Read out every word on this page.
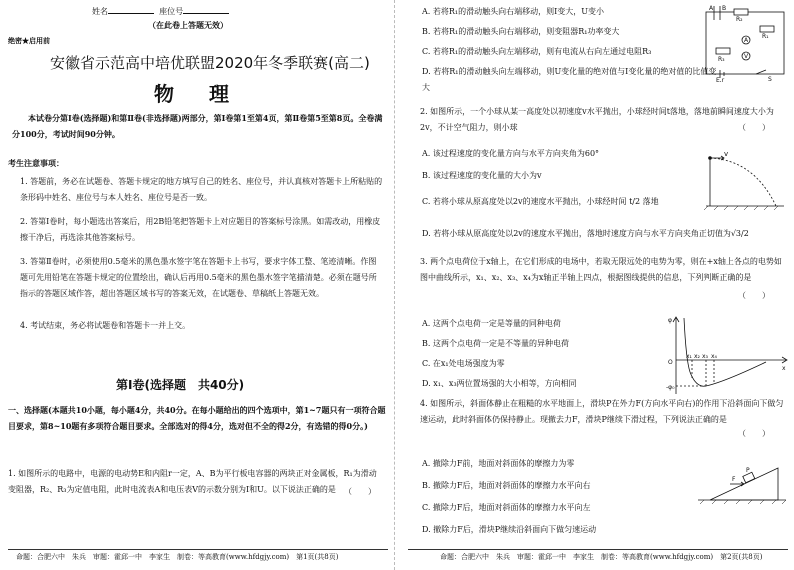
姓名	座位号
（在此卷上答题无效）
绝密★启用前
安徽省示范高中培优联盟2020年冬季联赛(高二)
物 理
本试卷分第Ⅰ卷(选择题)和第Ⅱ卷(非选择题)两部分，第Ⅰ卷第1至第4页，第Ⅱ卷第5至第8页。全卷满分100分，考试时间90分钟。
考生注意事项：
1. 答题前，务必在试题卷、答题卡规定的地方填写自己的姓名、座位号，并认真核对答题卡上所粘贴的条形码中姓名、座位号与本人姓名、座位号是否一致。
2. 答第Ⅰ卷时，每小题选出答案后，用2B铅笔把答题卡上对应题目的答案标号涂黑。如需改动，用橡皮擦干净后，再选涂其他答案标号。
3. 答第Ⅱ卷时，必须使用0.5毫米的黑色墨水签字笔在答题卡上书写，要求字体工整、笔迹清晰。作图题可先用铅笔在答题卡规定的位置绘出，确认后再用0.5毫米的黑色墨水签字笔描清楚。必须在题号所指示的答题区域作答，超出答题区域书写的答案无效，在试题卷、草稿纸上答题无效。
4. 考试结束，务必将试题卷和答题卡一并上交。
第Ⅰ卷(选择题　共40分)
一、选择题(本题共10小题，每小题4分，共40分。在每小题给出的四个选项中，第1~7题只有一项符合题目要求，第8~10题有多项符合题目要求。全部选对的得4分，选对但不全的得2分，有选错的得0分。)
1. 如图所示的电路中，电源的电动势E和内阻r一定，A、B为平行板电容器的两块正对金属板，R₁为滑动变阻器，R₂、R₃为定值电阻，此时电流表A和电压表V的示数分别为I和U。以下说法正确的是	（　　）
命题：合肥六中　朱兵　审题：霍邱一中　李家生　制卷：等高教育(www.hfdgjy.com)　第1页(共8页)
A. 若将R₁的滑动触头向右端移动，则I变大，U变小
B. 若将R₁的滑动触头向右端移动，则变阻器R₁功率变大
C. 若将R₁的滑动触头向左端移动，则有电流从右向左通过电阻R₃
D. 若将R₁的滑动触头向左端移动，则U变化量的绝对值与I变化量的绝对值的比值变大
A B
R₂
R₁
R₃
A
V
E,r	S
2. 如图所示，一个小球从某一高度处以初速度v水平抛出，小球经时间t落地，落地前瞬间速度大小为2v，不计空气阻力，则小球	（　　）
A. 该过程速度的变化量方向与水平方向夹角为60°
B. 该过程速度的变化量的大小为v
C. 若将小球从原高度处以2v的速度水平抛出，小球经时间 t/2 落地
D. 若将小球从原高度处以2v的速度水平抛出，落地时速度方向与水平方向夹角正切值为√3/2
v
3. 两个点电荷位于x轴上，在它们形成的电场中，若取无限远处的电势为零，则在+x轴上各点的电势如图中曲线所示，x₁、x₂、x₃、x₄为x轴正半轴上四点，根据图线提供的信息，下列判断正确的是
（　　）
A. 这两个点电荷一定是等量的同种电荷
B. 这两个点电荷一定是不等量的异种电荷
C. 在x₁处电场强度为零
D. x₁、x₃两位置场强的大小相等，方向相同
φ
O
x₁ x₂ x₃ x₄
x
-φ₀
4. 如图所示，斜面体静止在粗糙的水平地面上，滑块P在外力F(方向水平向右)的作用下沿斜面向下做匀速运动，此时斜面体仍保持静止。现撤去力F，滑块P继续下滑过程，下列说法正确的是
（　　）
A. 撤除力F前，地面对斜面体的摩擦力为零
B. 撤除力F后，地面对斜面体的摩擦力水平向右
C. 撤除力F后，地面对斜面体的摩擦力水平向左
D. 撤除力F后，滑块P继续沿斜面向下做匀速运动
P
F
命题：合肥六中　朱兵　审题：霍邱一中　李家生　制卷：等高教育(www.hfdgjy.com)　第2页(共8页)
